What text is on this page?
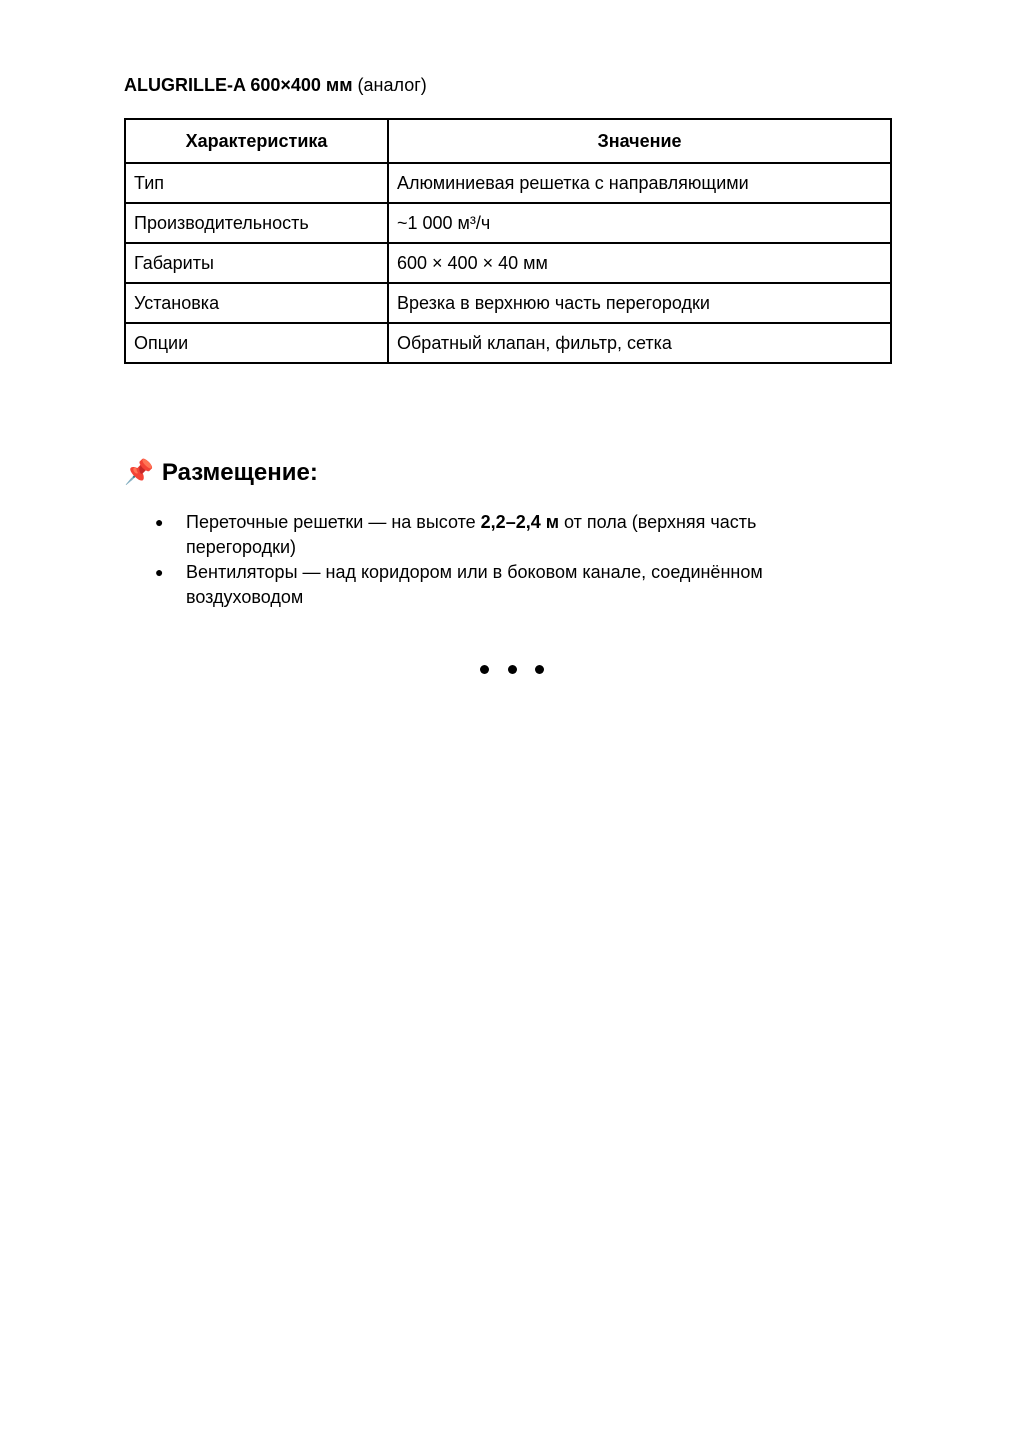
ALUGRILLE-A 600×400 мм (аналог)
Характеристика	Значение
Тип	Алюминиевая решетка с направляющими
Производительность	~1 000 м³/ч
Габариты	600 × 400 × 40 мм
Установка	Врезка в верхнюю часть перегородки
Опции	Обратный клапан, фильтр, сетка
📌 Размещение:
● Переточные решетки — на высоте 2,2–2,4 м от пола (верхняя часть перегородки)
● Вентиляторы — над коридором или в боковом канале, соединённом воздуховодом
